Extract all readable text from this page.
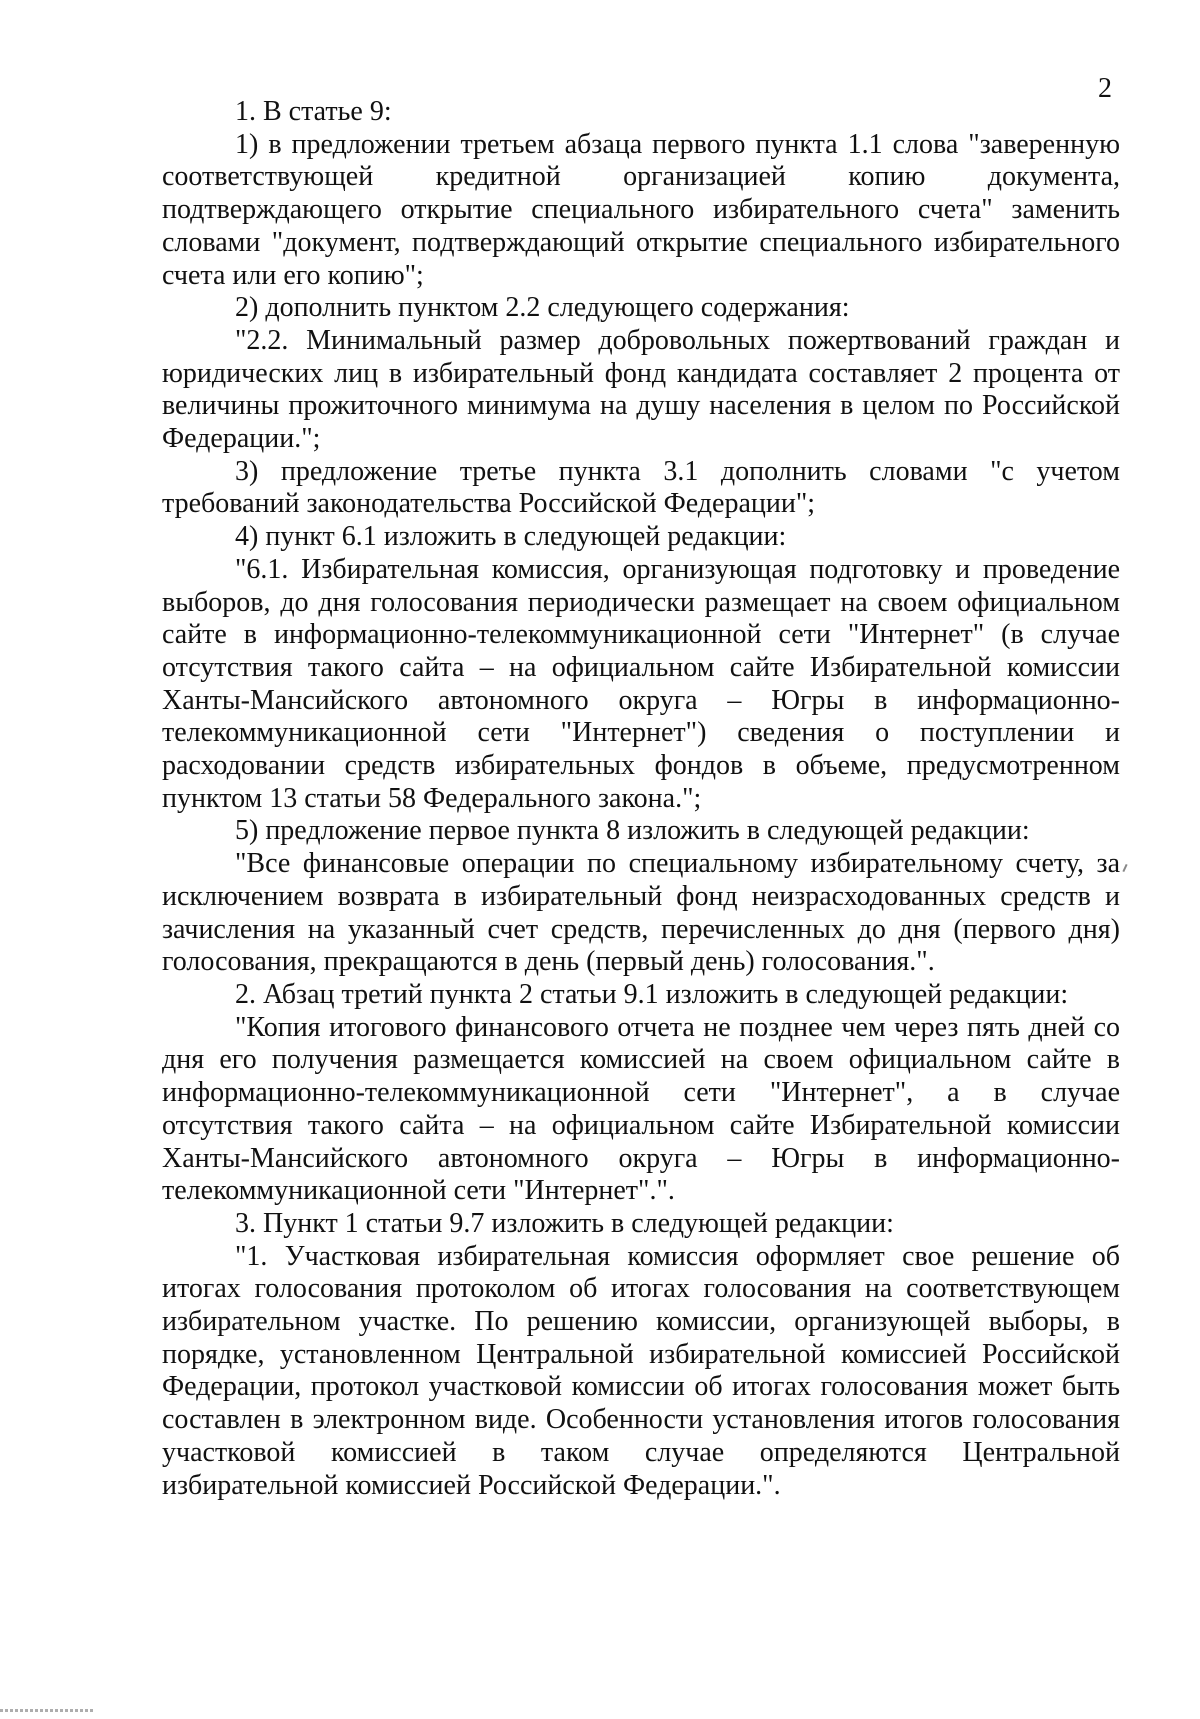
2

1. В статье 9:

1) в предложении третьем абзаца первого пункта 1.1 слова "заверенную соответствующей кредитной организацией копию документа, подтверждающего открытие специального избирательного счета" заменить словами "документ, подтверждающий открытие специального избирательного счета или его копию";

2) дополнить пунктом 2.2 следующего содержания:

"2.2. Минимальный размер добровольных пожертвований граждан и юридических лиц в избирательный фонд кандидата составляет 2 процента от величины прожиточного минимума на душу населения в целом по Российской Федерации.";

3) предложение третье пункта 3.1 дополнить словами "с учетом требований законодательства Российской Федерации";

4) пункт 6.1 изложить в следующей редакции:

"6.1. Избирательная комиссия, организующая подготовку и проведение выборов, до дня голосования периодически размещает на своем официальном сайте в информационно-телекоммуникационной сети "Интернет" (в случае отсутствия такого сайта – на официальном сайте Избирательной комиссии Ханты-Мансийского автономного округа – Югры в информационно-телекоммуникационной сети "Интернет") сведения о поступлении и расходовании средств избирательных фондов в объеме, предусмотренном пунктом 13 статьи 58 Федерального закона.";

5) предложение первое пункта 8 изложить в следующей редакции:

"Все финансовые операции по специальному избирательному счету, за исключением возврата в избирательный фонд неизрасходованных средств и зачисления на указанный счет средств, перечисленных до дня (первого дня) голосования, прекращаются в день (первый день) голосования.".

2. Абзац третий пункта 2 статьи 9.1 изложить в следующей редакции:

"Копия итогового финансового отчета не позднее чем через пять дней со дня его получения размещается комиссией на своем официальном сайте в информационно-телекоммуникационной сети "Интернет", а в случае отсутствия такого сайта – на официальном сайте Избирательной комиссии Ханты-Мансийского автономного округа – Югры в информационно-телекоммуникационной сети "Интернет".".

3. Пункт 1 статьи 9.7 изложить в следующей редакции:

"1. Участковая избирательная комиссия оформляет свое решение об итогах голосования протоколом об итогах голосования на соответствующем избирательном участке. По решению комиссии, организующей выборы, в порядке, установленном Центральной избирательной комиссией Российской Федерации, протокол участковой комиссии об итогах голосования может быть составлен в электронном виде. Особенности установления итогов голосования участковой комиссией в таком случае определяются Центральной избирательной комиссией Российской Федерации.".
